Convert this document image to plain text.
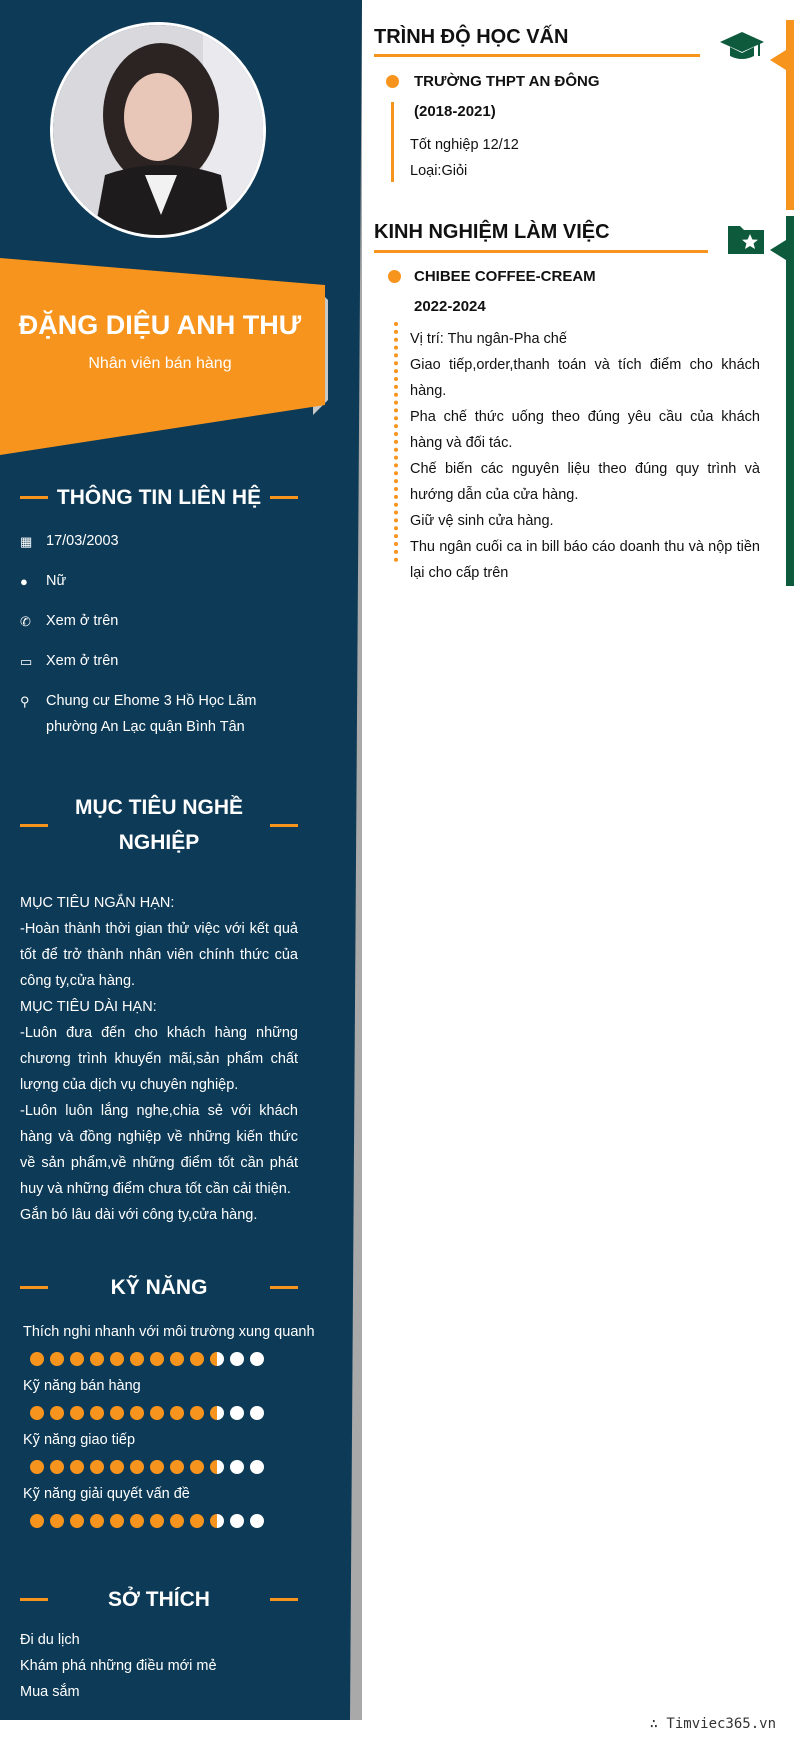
ĐẶNG DIỆU ANH THƯ
Nhân viên bán hàng
THÔNG TIN LIÊN HỆ
▦ 17/03/2003
●	Nữ
✆	Xem ở trên
▭ Xem ở trên
⚲	Chung cư Ehome 3 Hồ Học Lãm phường An Lạc quận Bình Tân
MỤC TIÊU NGHỀ NGHIỆP

MỤC TIÊU NGẮN HẠN:

-Hoàn thành thời gian thử việc với kết quả tốt để trở thành nhân viên chính thức của công ty,cửa hàng.

MỤC TIÊU DÀI HẠN:

-Luôn đưa đến cho khách hàng những chương trình khuyến mãi,sản phẩm chất lượng của dịch vụ chuyên nghiệp.

-Luôn luôn lắng nghe,chia sẻ với khách hàng và đồng nghiệp về những kiến thức về sản phẩm,về những điểm tốt cần phát huy và những điểm chưa tốt cần cải thiện.

Gắn bó lâu dài với công ty,cửa hàng.

KỸ NĂNG
Thích nghi nhanh với môi trường xung quanh
Kỹ năng bán hàng
Kỹ năng giao tiếp
Kỹ năng giải quyết vấn đề
SỞ THÍCH
Đi du lịch
Khám phá những điều mới mẻ
Mua sắm
TRÌNH ĐỘ HỌC VẤN
TRƯỜNG THPT AN ĐÔNG
(2018-2021)
Tốt nghiệp 12/12
Loại:Giỏi
KINH NGHIỆM LÀM VIỆC
CHIBEE COFFEE-CREAM
2022-2024

Vị trí: Thu ngân-Pha chế

Giao tiếp,order,thanh toán và tích điểm cho khách hàng.

Pha chế thức uống theo đúng yêu cầu của khách hàng và đối tác.

Chế biến các nguyên liệu theo đúng quy trình và hướng dẫn của cửa hàng.

Giữ vệ sinh cửa hàng.

Thu ngân cuối ca in bill báo cáo doanh thu và nộp tiền lại cho cấp trên

∴ Timviec365.vn
